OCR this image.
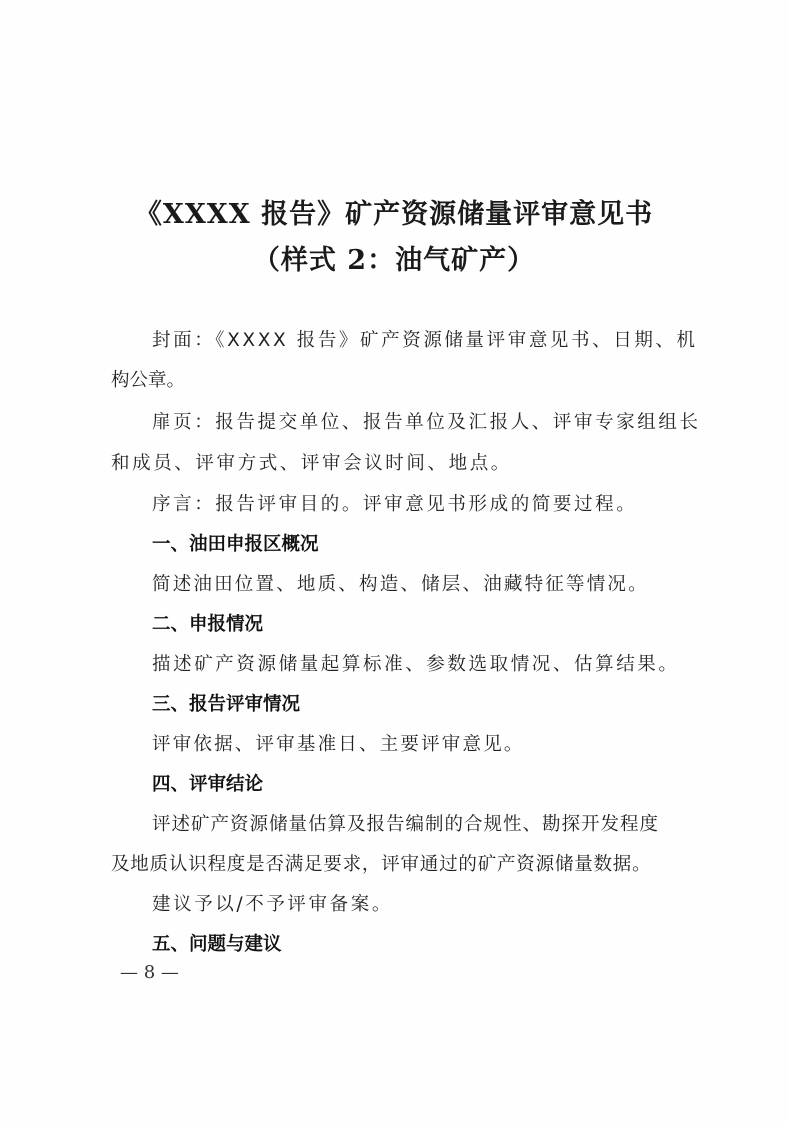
《XXXX 报告》矿产资源储量评审意见书
（样式 2：油气矿产）

封面：《XXXX 报告》矿产资源储量评审意见书、日期、机

构公章。

扉页：报告提交单位、报告单位及汇报人、评审专家组组长

和成员、评审方式、评审会议时间、地点。

序言：报告评审目的。评审意见书形成的简要过程。

一、油田申报区概况

简述油田位置、地质、构造、储层、油藏特征等情况。

二、申报情况

描述矿产资源储量起算标准、参数选取情况、估算结果。

三、报告评审情况

评审依据、评审基准日、主要评审意见。

四、评审结论

评述矿产资源储量估算及报告编制的合规性、勘探开发程度

及地质认识程度是否满足要求，评审通过的矿产资源储量数据。

建议予以/不予评审备案。

五、问题与建议

— 8 —
